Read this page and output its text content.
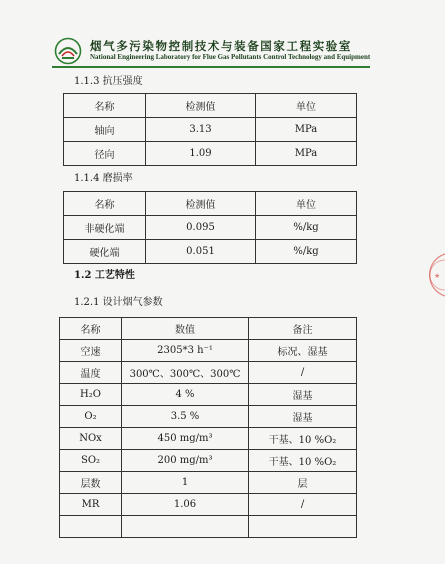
烟气多污染物控制技术与装备国家工程实验室
National Engineering Laboratory for Flue Gas Pollutants Control Technology and Equipment
1.1.3 抗压强度
名称	检测值	单位
轴向	3.13	MPa
径向	1.09	MPa
1.1.4 磨损率
名称	检测值	单位
非硬化端	0.095	%/kg
硬化端	0.051	%/kg
1.2 工艺特性
1.2.1 设计烟气参数
名称	数值	备注
空速	2305*3 h⁻¹	标况、湿基
温度	300℃、300℃、300℃	/
H₂O	4 %	湿基
O₂	3.5 %	湿基
NOx	450 mg/m³	干基、10 %O₂
SO₂	200 mg/m³	干基、10 %O₂
层数	1	层
MR	1.06	/

★
